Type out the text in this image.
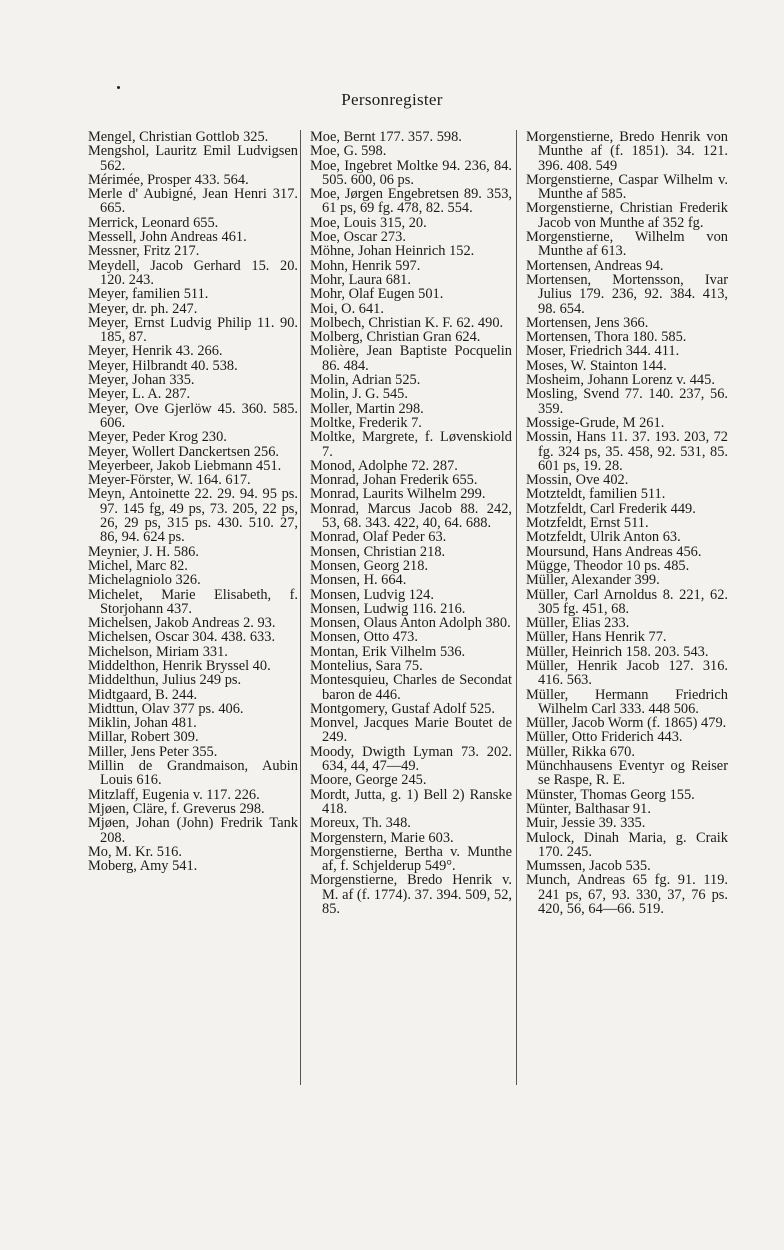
Personregister

Mengel, Christian Gottlob 325.

Mengshol, Lauritz Emil Ludvigsen 562.

Mérimée, Prosper 433. 564.

Merle d' Aubigné, Jean Henri 317. 665.

Merrick, Leonard 655.

Messell, John Andreas 461.

Messner, Fritz 217.

Meydell, Jacob Gerhard 15. 20. 120. 243.

Meyer, familien 511.

Meyer, dr. ph. 247.

Meyer, Ernst Ludvig Philip 11. 90. 185, 87.

Meyer, Henrik 43. 266.

Meyer, Hilbrandt 40. 538.

Meyer, Johan 335.

Meyer, L. A. 287.

Meyer, Ove Gjerlöw 45. 360. 585. 606.

Meyer, Peder Krog 230.

Meyer, Wollert Danckertsen 256.

Meyerbeer, Jakob Liebmann 451.

Meyer-Förster, W. 164. 617.

Meyn, Antoinette 22. 29. 94. 95 ps. 97. 145 fg, 49 ps, 73. 205, 22 ps, 26, 29 ps, 315 ps. 430. 510. 27, 86, 94. 624 ps.

Meynier, J. H. 586.

Michel, Marc 82.

Michelagniolo 326.

Michelet, Marie Elisabeth, f. Storjohann 437.

Michelsen, Jakob Andreas 2. 93.

Michelsen, Oscar 304. 438. 633.

Michelson, Miriam 331.

Middelthon, Henrik Bryssel 40.

Middelthun, Julius 249 ps.

Midtgaard, B. 244.

Midttun, Olav 377 ps. 406.

Miklin, Johan 481.

Millar, Robert 309.

Miller, Jens Peter 355.

Millin de Grandmaison, Aubin Louis 616.

Mitzlaff, Eugenia v. 117. 226.

Mjøen, Cläre, f. Greverus 298.

Mjøen, Johan (John) Fredrik Tank 208.

Mo, M. Kr. 516.

Moberg, Amy 541.

Moe, Bernt 177. 357. 598.

Moe, G. 598.

Moe, Ingebret Moltke 94. 236, 84. 505. 600, 06 ps.

Moe, Jørgen Engebretsen 89. 353, 61 ps, 69 fg. 478, 82. 554.

Moe, Louis 315, 20.

Moe, Oscar 273.

Möhne, Johan Heinrich 152.

Mohn, Henrik 597.

Mohr, Laura 681.

Mohr, Olaf Eugen 501.

Moi, O. 641.

Molbech, Christian K. F. 62. 490.

Molberg, Christian Gran 624.

Molière, Jean Baptiste Pocquelin 86. 484.

Molin, Adrian 525.

Molin, J. G. 545.

Moller, Martin 298.

Moltke, Frederik 7.

Moltke, Margrete, f. Løvenskiold 7.

Monod, Adolphe 72. 287.

Monrad, Johan Frederik 655.

Monrad, Laurits Wilhelm 299.

Monrad, Marcus Jacob 88. 242, 53, 68. 343. 422, 40, 64. 688.

Monrad, Olaf Peder 63.

Monsen, Christian 218.

Monsen, Georg 218.

Monsen, H. 664.

Monsen, Ludvig 124.

Monsen, Ludwig 116. 216.

Monsen, Olaus Anton Adolph 380.

Monsen, Otto 473.

Montan, Erik Vilhelm 536.

Montelius, Sara 75.

Montesquieu, Charles de Secondat baron de 446.

Montgomery, Gustaf Adolf 525.

Monvel, Jacques Marie Boutet de 249.

Moody, Dwigth Lyman 73. 202. 634, 44, 47—49.

Moore, George 245.

Mordt, Jutta, g. 1) Bell 2) Ranske 418.

Moreux, Th. 348.

Morgenstern, Marie 603.

Morgenstierne, Bertha v. Munthe af, f. Schjelderup 549°.

Morgenstierne, Bredo Henrik v. M. af (f. 1774). 37. 394. 509, 52, 85.

Morgenstierne, Bredo Henrik von Munthe af (f. 1851). 34. 121. 396. 408. 549

Morgenstierne, Caspar Wilhelm v. Munthe af 585.

Morgenstierne, Christian Frederik Jacob von Munthe af 352 fg.

Morgenstierne, Wilhelm von Munthe af 613.

Mortensen, Andreas 94.

Mortensen, Mortensson, Ivar Julius 179. 236, 92. 384. 413, 98. 654.

Mortensen, Jens 366.

Mortensen, Thora 180. 585.

Moser, Friedrich 344. 411.

Moses, W. Stainton 144.

Mosheim, Johann Lorenz v. 445.

Mosling, Svend 77. 140. 237, 56. 359.

Mossige-Grude, M 261.

Mossin, Hans 11. 37. 193. 203, 72 fg. 324 ps, 35. 458, 92. 531, 85. 601 ps, 19. 28.

Mossin, Ove 402.

Motzteldt, familien 511.

Motzfeldt, Carl Frederik 449.

Motzfeldt, Ernst 511.

Motzfeldt, Ulrik Anton 63.

Moursund, Hans Andreas 456.

Mügge, Theodor 10 ps. 485.

Müller, Alexander 399.

Müller, Carl Arnoldus 8. 221, 62. 305 fg. 451, 68.

Müller, Elias 233.

Müller, Hans Henrik 77.

Müller, Heinrich 158. 203. 543.

Müller, Henrik Jacob 127. 316. 416. 563.

Müller, Hermann Friedrich Wilhelm Carl 333. 448 506.

Müller, Jacob Worm (f. 1865) 479.

Müller, Otto Friderich 443.

Müller, Rikka 670.

Münchhausens Eventyr og Reiser se Raspe, R. E.

Münster, Thomas Georg 155.

Münter, Balthasar 91.

Muir, Jessie 39. 335.

Mulock, Dinah Maria, g. Craik 170. 245.

Mumssen, Jacob 535.

Munch, Andreas 65 fg. 91. 119. 241 ps, 67, 93. 330, 37, 76 ps. 420, 56, 64—66. 519.
